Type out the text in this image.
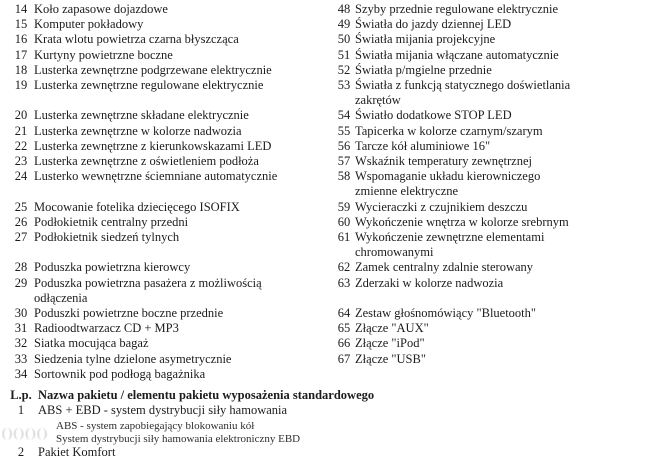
()()()()
14	Koło zapasowe dojazdowe	48	Szyby przednie regulowane elektrycznie

15	Komputer pokładowy	49	Światła do jazdy dziennej LED

16	Krata wlotu powietrza czarna błyszcząca	50	Światła mijania projekcyjne

17	Kurtyny powietrzne boczne	51	Światła mijania włączane automatycznie

18	Lusterka zewnętrzne podgrzewane elektrycznie	52	Światła p/mgielne przednie

19	Lusterka zewnętrzne regulowane elektrycznie	53	Światła z funkcją statycznego doświetlania zakrętów

20	Lusterka zewnętrzne składane elektrycznie	54	Światło dodatkowe STOP LED

21	Lusterka zewnętrzne w kolorze nadwozia	55	Tapicerka w kolorze czarnym/szarym

22	Lusterka zewnętrzne z kierunkowskazami LED	56	Tarcze kół aluminiowe 16"

23	Lusterka zewnętrzne z oświetleniem podłoża	57	Wskaźnik temperatury zewnętrznej

24	Lusterko wewnętrzne ściemniane automatycznie	58	Wspomaganie układu kierowniczego zmienne elektryczne

25	Mocowanie fotelika dziecięcego ISOFIX	59	Wycieraczki z czujnikiem deszczu

26	Podłokietnik centralny przedni	60	Wykończenie wnętrza w kolorze srebrnym

27	Podłokietnik siedzeń tylnych	61	Wykończenie zewnętrzne elementami chromowanymi

28	Poduszka powietrzna kierowcy	62	Zamek centralny zdalnie sterowany

29	Poduszka powietrzna pasażera z możliwością odłączenia	63	Zderzaki w kolorze nadwozia

30	Poduszki powietrzne boczne przednie	64	Zestaw głośnomówiący "Bluetooth"

31	Radioodtwarzacz CD + MP3	65	Złącze "AUX"

32	Siatka mocująca bagaż	66	Złącze "iPod"

33	Siedzenia tylne dzielone asymetrycznie	67	Złącze "USB"

34	Sortownik pod podłogą bagażnika		

L.p. Nazwa pakietu / elementu pakietu wyposażenia standardowego
1	ABS + EBD - system dystrybucji siły hamowania
ABS - system zapobiegający blokowaniu kół
System dystrybucji siły hamowania elektroniczny EBD
2	Pakiet Komfort
